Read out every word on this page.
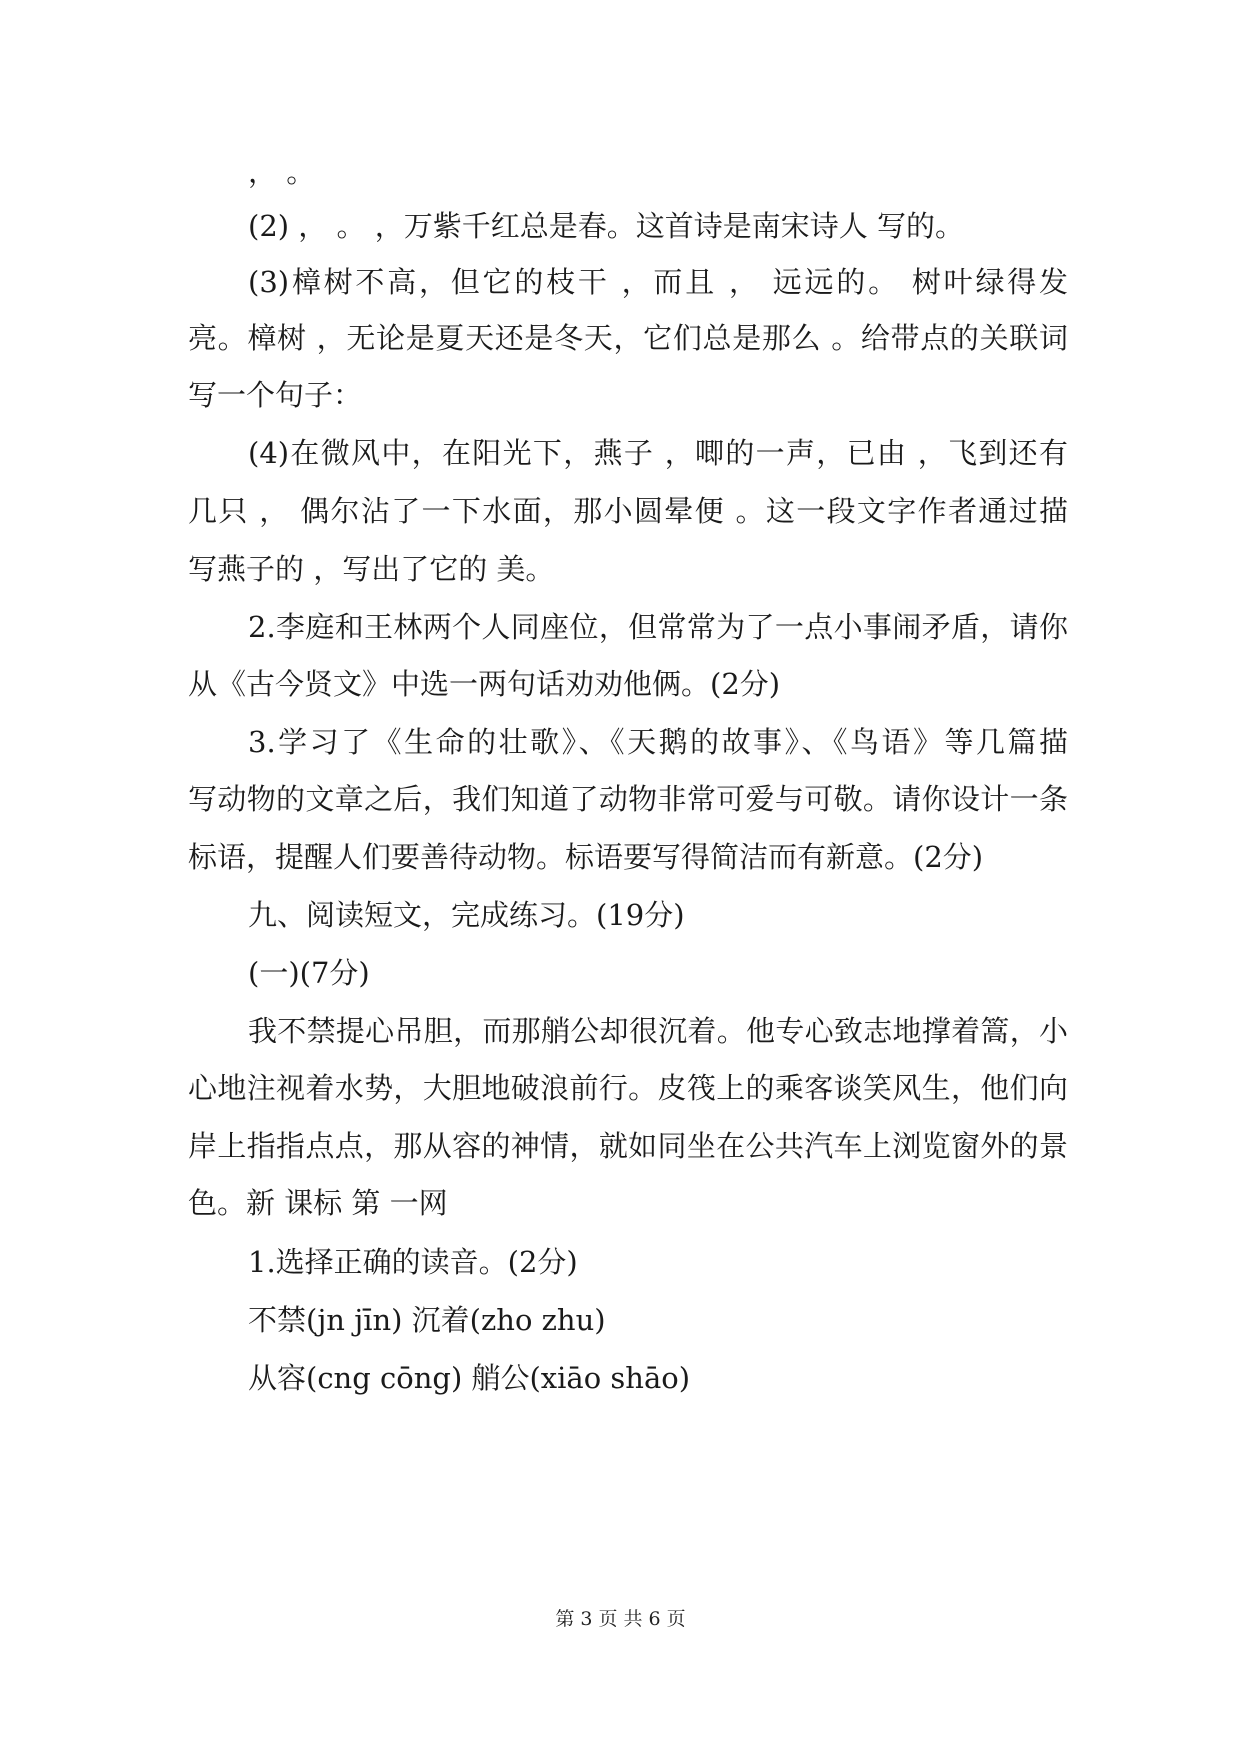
， 。
(2) ， 。 ，万紫千红总是春。这首诗是南宋诗人 写的。
(3)樟树不高，但它的枝干 ，而且 ， 远远的。 树叶绿得发
亮。樟树 ，无论是夏天还是冬天，它们总是那么 。给带点的关联词
写一个句子：
(4)在微风中，在阳光下，燕子 ，唧的一声，已由 ，飞到还有
几只 ， 偶尔沾了一下水面，那小圆晕便 。这一段文字作者通过描
写燕子的 ，写出了它的 美。
2.李庭和王林两个人同座位，但常常为了一点小事闹矛盾，请你
从《古今贤文》中选一两句话劝劝他俩。(2分)
3.学习了《生命的壮歌》、《天鹅的故事》、《鸟语》等几篇描
写动物的文章之后，我们知道了动物非常可爱与可敬。请你设计一条
标语，提醒人们要善待动物。标语要写得简洁而有新意。(2分)
九、阅读短文，完成练习。(19分)
(一)(7分)
我不禁提心吊胆，而那艄公却很沉着。他专心致志地撑着篙，小
心地注视着水势，大胆地破浪前行。皮筏上的乘客谈笑风生，他们向
岸上指指点点，那从容的神情，就如同坐在公共汽车上浏览窗外的景
色。新 课标 第 一网
1.选择正确的读音。(2分)
不禁(jn jīn) 沉着(zho zhu)
从容(cng cōng) 艄公(xiāo shāo)
第 3 页 共 6 页
